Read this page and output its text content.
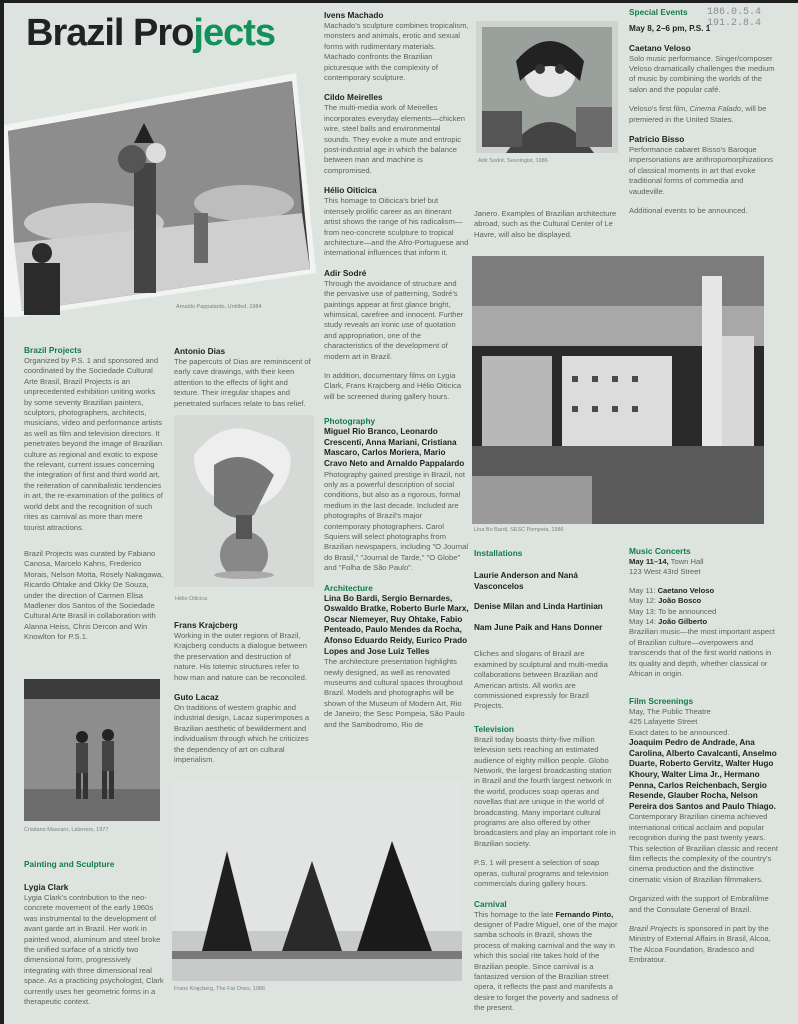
Brazil Projects	186.0.5.4
191.2.8.4
Arnaldo Pappalardo, Untitled, 1984
Adir Sodré, Sexologist, 1986
Lina Bo Bardi, SESC Pompeia, 1986
Hélio Oiticica
Cristiano Mascaro, Laborers, 1977
Frans Krajcberg, The Fat Ones, 1986
Brazil Projects

Organized by P.S. 1 and sponsored and coordinated by the Sociedade Cultural Arte Brasil, Brazil Projects is an unprecedented exhibition uniting works by some seventy Brazilian painters, sculptors, photographers, architects, musicians, video and performance artists as well as film and television directors. It penetrates beyond the image of Brazilian culture as regional and exotic to expose the relevant, current issues concerning the integration of first and third world art, the reiteration of cannibalistic tendencies in art, the re-examination of the politics of world debt and the recognition of such rites as carnival as more than mere tourist attractions.

Brazil Projects was curated by Fabiano Canosa, Marcelo Kahns, Frederico Morais, Nelson Motta, Rosely Nakagawa, Ricardo Ohtake and Okky De Souza, under the direction of Carmen Elisa Madlener dos Santos of the Sociedade Cultural Arte Brasil in collaboration with Alanna Heiss, Chris Dercon and Win Knowlton for P.S.1.

Painting and Sculpture
Lygia Clark

Lygia Clark's contribution to the neo-concrete movement of the early 1960s was instrumental to the development of avant garde art in Brazil. Her work in painted wood, aluminum and steel broke the unified surface of a strictly two dimensional form, progressively integrating with three dimensional real space. As a practicing psychologist, Clark currently uses her geometric forms in a therapeutic context.

Antonio Dias

The papercuts of Dias are reminiscent of early cave drawings, with their keen attention to the effects of light and texture. Their irregular shapes and penetrated surfaces relate to bas relief.

Frans Krajcberg

Working in the outer regions of Brazil, Krajcberg conducts a dialogue between the preservation and destruction of nature. His totemic structures refer to how man and nature can be reconciled.

Guto Lacaz

On traditions of western graphic and industrial design, Lacaz superimposes a Brazilian aesthetic of bewilderment and individualism through which he criticizes the dependency of art on cultural imperialism.

Ivens Machado

Machado's sculpture combines tropicalism, monsters and animals, erotic and sexual forms with rudimentary materials. Machado confronts the Brazilian picturesque with the complexity of contemporary sculpture.

Cildo Meirelles

The multi-media work of Meirelles incorporates everyday elements—chicken wire, steel balls and environmental sounds. They evoke a mute and entropic post-industrial age in which the balance between man and machine is compromised.

Hélio Oiticica

This homage to Oiticica's brief but intensely prolific career as an itinerant artist shows the range of his radicalism—from neo-concrete sculpture to tropical architecture—and the Afro-Portuguese and international influences that inform it.

Adir Sodré

Through the avoidance of structure and the pervasive use of patterning, Sodré's paintings appear at first glance bright, whimsical, carefree and innocent. Further study reveals an ironic use of quotation and appropriation, one of the characteristics of the development of modern art in Brazil.

In addition, documentary films on Lygia Clark, Frans Krajcberg and Hélio Oiticica will be screened during gallery hours.

Photography
Miguel Rio Branco, Leonardo Crescenti, Anna Mariani, Cristiana Mascaro, Carlos Moriera, Mario Cravo Neto and Arnaldo Pappalardo

Photography gained prestige in Brazil, not only as a powerful description of social conditions, but also as a rigorous, formal medium in the last decade. Included are photographs of Brazil's major contemporary photographers. Carol Squiers will select photographs from Brazilian newspapers, including "O Journal do Brasil," "Journal de Tarde," "O Globe" and "Folha de São Paulo".

Architecture
Lina Bo Bardi, Sergio Bernardes, Oswaldo Bratke, Roberto Burle Marx, Oscar Niemeyer, Ruy Ohtake, Fabio Penteado, Paulo Mendes da Rocha, Afonso Eduardo Reidy, Eurico Prado Lopes and Jose Luiz Telles

The architecture presentation highlights newly designed, as well as renovated museums and cultural spaces throughout Brazil. Models and photographs will be shown of the Museum of Modern Art, Rio de Janeiro; the Sesc Pompeia, São Paulo and the Sambodromo, Rio de

Janero. Examples of Brazilian architecture abroad, such as the Cultural Center of Le Havre, will also be displayed.

Installations
Laurie Anderson and Naná Vasconcelos
Denise Milan and Linda Hartinian
Nam June Paik and Hans Donner

Cliches and slogans of Brazil are examined by sculptural and multi-media collaborations between Brazilian and American artists. All works are commissioned expressly for Brazil Projects.

Television

Brazil today boasts thirty-five million television sets reaching an estimated audience of eighty million people. Globo Network, the largest broadcasting station in Brazil and the fourth largest network in the world, produces soap operas and novellas that are unique in the world of broadcasting. Many important cultural programs are also offered by other broadcasters and play an important role in Brazilian society.

P.S. 1 will present a selection of soap operas, cultural programs and television commercials during gallery hours.

Carnival

This homage to the late Fernando Pinto, designer of Padre Miguel, one of the major samba schools in Brazil, shows the process of making carnival and the way in which this social rite takes hold of the Brazilian people. Since carnival is a fantasized version of the Brazilian street opera, it reflects the past and manifests a desire to forget the poverty and sadness of the present.

Special Events
May 8, 2–6 pm, P.S. 1
Caetano Veloso

Solo music performance. Singer/composer Veloso dramatically challenges the medium of music by combining the worlds of the salon and the popular café.

Veloso's first film, Cinema Falado, will be premiered in the United States.

Patricio Bisso

Performance cabaret Bisso's Baroque impersonations are anthropomorphizations of classical moments in art that evoke traditional forms of commedia and vaudeville.

Additional events to be announced.

Music Concerts
May 11–14, Town Hall
123 West 43rd Street
May 11: Caetano Veloso
May 12: João Bosco
May 13: To be announced
May 14: João Gilberto

Brazilian music—the most important aspect of Brazilian culture—overpowers and transcends that of the first world nations in its quality and depth, whether classical or African in origin.

Film Screenings
May, The Public Theatre
425 Lafayette Street
Exact dates to be announced.
Joaquim Pedro de Andrade, Ana Carolina, Alberto Cavalcanti, Anselmo Duarte, Roberto Gervitz, Walter Hugo Khoury, Walter Lima Jr., Hermano Penna, Carlos Reichenbach, Sergio Resende, Glauber Rocha, Nelson Pereira dos Santos and Paulo Thiago.

Contemporary Brazilian cinema achieved international critical acclaim and popular recognition during the past twenty years. This selection of Brazilian classic and recent film reflects the complexity of the country's cinema production and the distinctive cinematic vision of Brazilian filmmakers.

Organized with the support of Embrafilme and the Consulate General of Brazil.

Brazil Projects is sponsored in part by the Ministry of External Affairs in Brasil, Alcoa, The Alcoa Foundation, Bradesco and Embratour.
